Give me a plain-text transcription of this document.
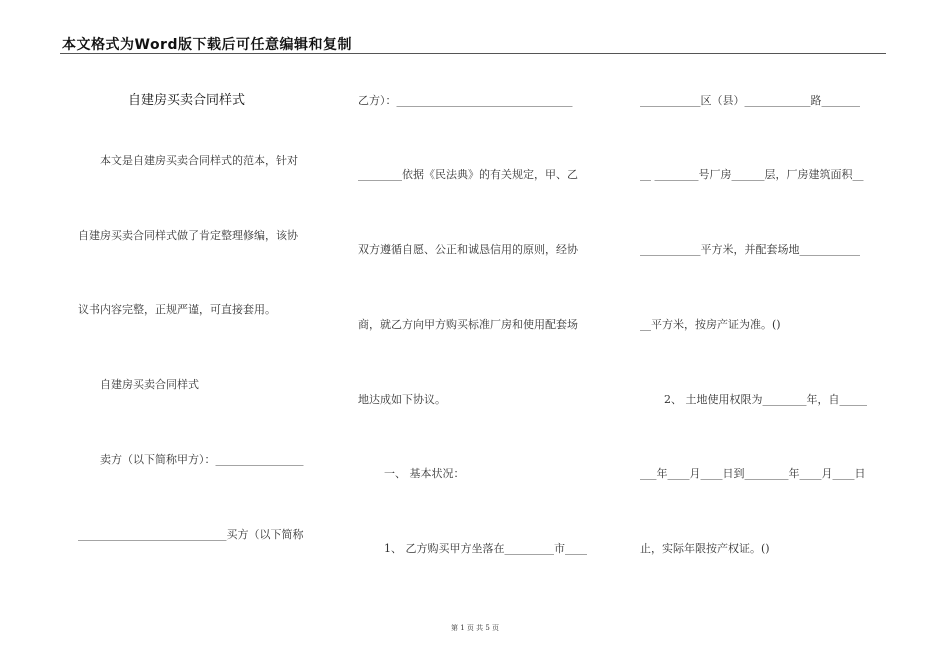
本文格式为Word版下载后可任意编辑和复制
自建房买卖合同样式
本文是自建房买卖合同样式的范本，针对
自建房买卖合同样式做了肯定整理修编，该协
议书内容完整，正规严谨，可直接套用。
自建房买卖合同样式
卖方（以下简称甲方）：________________
___________________________买方（以下简称
乙方）：________________________________
________依据《民法典》的有关规定，甲、乙
双方遵循自愿、公正和诚恳信用的原则，经协
商，就乙方向甲方购买标准厂房和使用配套场
地达成如下协议。
一、 基本状况：
1、 乙方购买甲方坐落在_________市____
___________区（县）____________路_______
__ ________号厂房______层，厂房建筑面积__
___________平方米，并配套场地___________
__平方米，按房产证为准。()
2、 土地使用权限为________年，自_____
___年____月____日到________年____月____日
止，实际年限按产权证。()
第 1 页 共 5 页
